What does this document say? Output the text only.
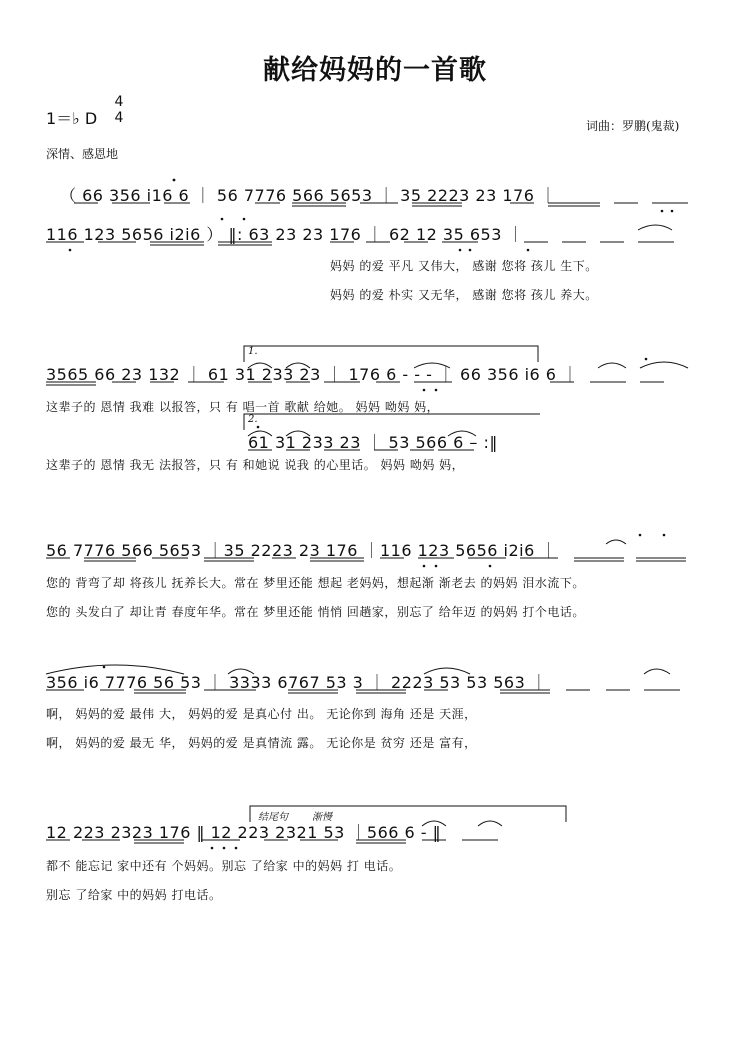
献给妈妈的一首歌
1＝♭ D
4
4	词曲：罗鹏(鬼裁)
深情、感恩地
（ 66 356 i16 6 ｜ 56 7776 566 5653 ｜ 35 2223 23 176 ｜
116 123 5656 i2i6 ） ‖: 63 23 23 176 ｜ 62 12 35 653 ｜
妈妈 的爱 平凡 又伟大， 感谢 您将 孩儿 生下。
妈妈 的爱 朴实 又无华， 感谢 您将 孩儿 养大。
3565 66 23 132 ｜ 61 31 233 23 ｜ 176 6 - - - ｜ 66 356 i6 6 ｜
这辈子的 恩情 我难 以报答，只 有 唱一首 歌献 给她。 妈妈 呦妈 妈，
1.
61 31 233 23 ｜ 53 566 6 – :‖
2.
这辈子的 恩情 我无 法报答，只 有 和她说 说我 的心里话。 妈妈 呦妈 妈，
56 7776 566 5653 ｜35 2223 23 176 ｜116 123 5656 i2i6 ｜
您的 背弯了却 将孩儿 抚养长大。常在 梦里还能 想起 老妈妈，想起渐 渐老去 的妈妈 泪水流下。
您的 头发白了 却让青 春度年华。常在 梦里还能 悄悄 回趟家，别忘了 给年迈 的妈妈 打个电话。
356 i6 7776 56 53 ｜ 3333 6767 53 3 ｜ 2223 53 53 563 ｜
啊， 妈妈的爱 最伟 大， 妈妈的爱 是真心付 出。 无论你到 海角 还是 天涯，
啊， 妈妈的爱 最无 华， 妈妈的爱 是真情流 露。 无论你是 贫穷 还是 富有，
结尾句 渐慢
12 223 2323 176 ‖ 12 223 2321 53 ｜566 6 - ‖
都不 能忘记 家中还有 个妈妈。别忘 了给家 中的妈妈 打 电话。
别忘 了给家 中的妈妈 打电话。
